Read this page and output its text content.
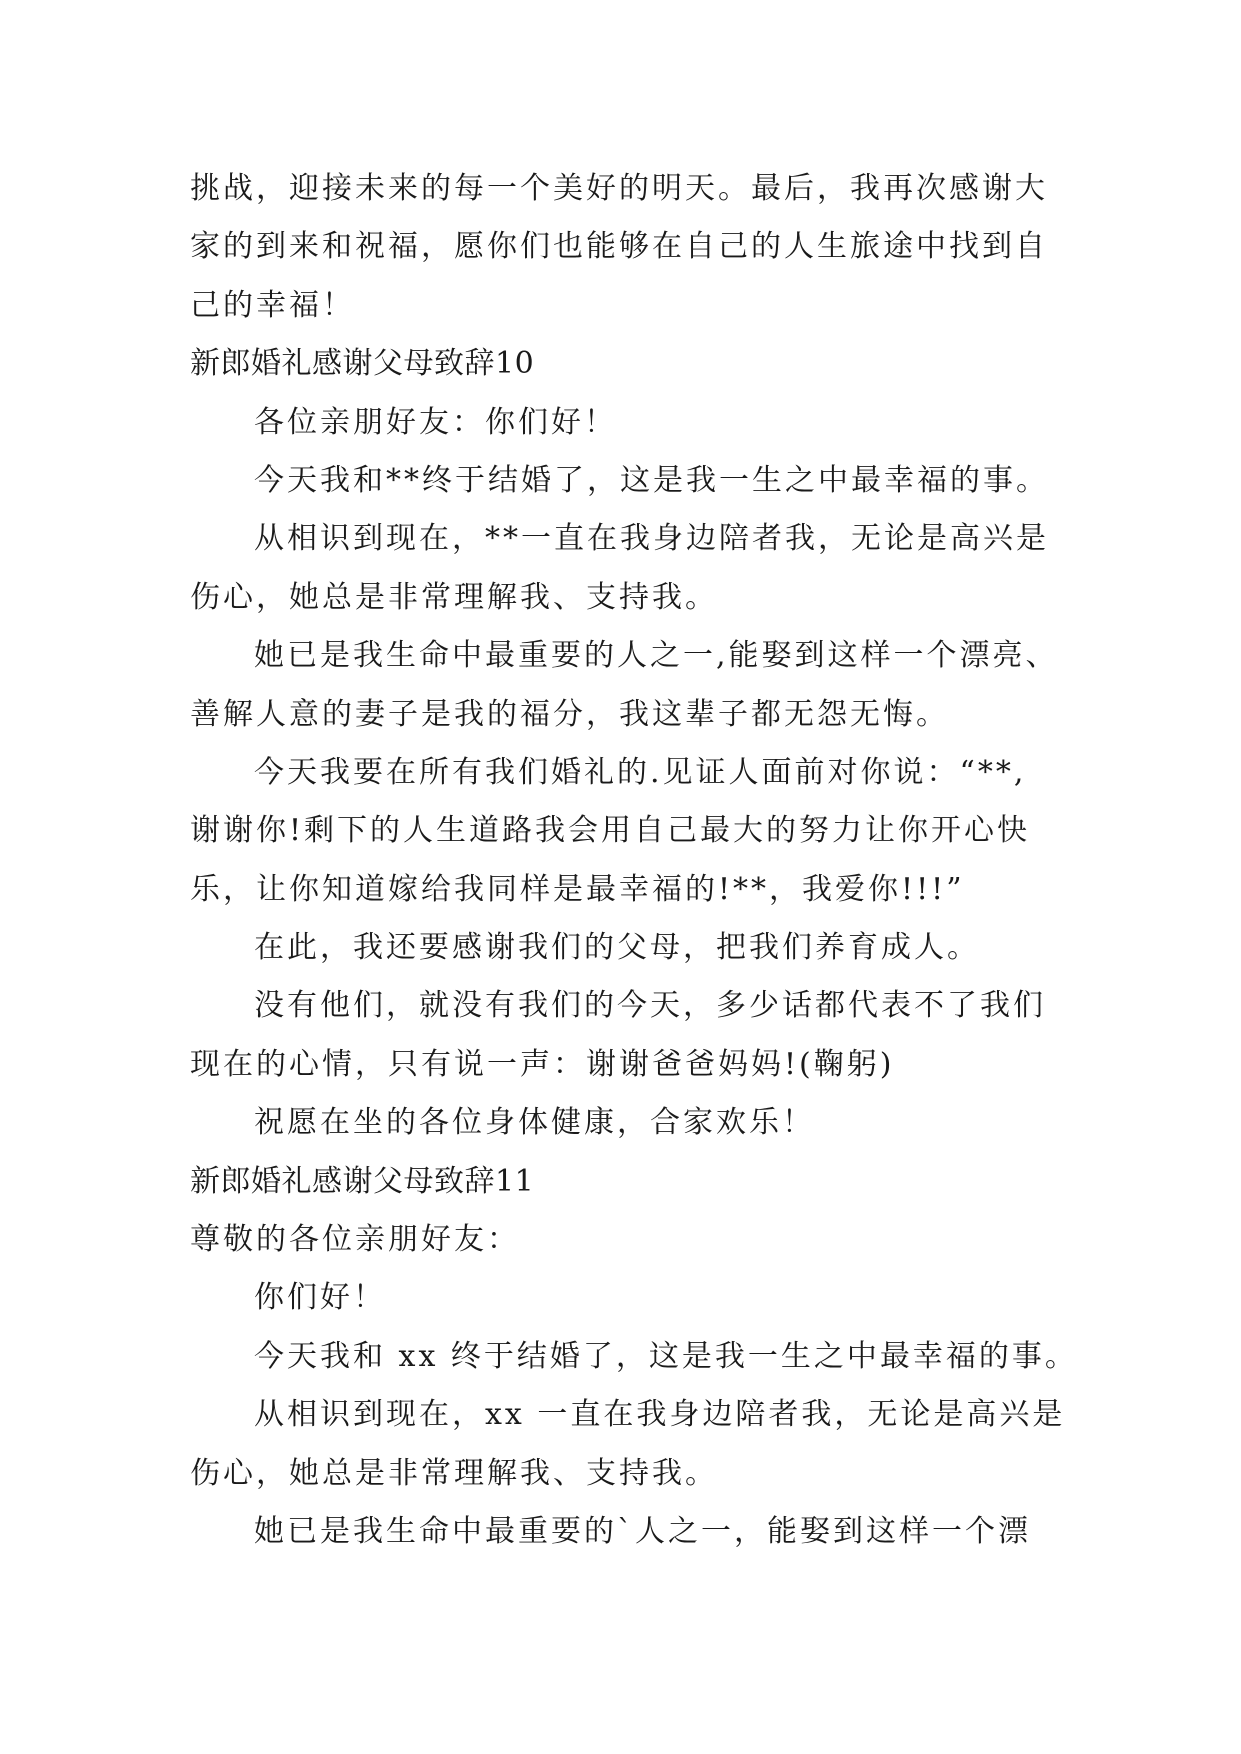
挑战，迎接未来的每一个美好的明天。最后，我再次感谢大
家的到来和祝福，愿你们也能够在自己的人生旅途中找到自
己的幸福！
新郎婚礼感谢父母致辞10
各位亲朋好友：你们好！
今天我和**终于结婚了，这是我一生之中最幸福的事。
从相识到现在，**一直在我身边陪者我，无论是高兴是
伤心，她总是非常理解我、支持我。
她已是我生命中最重要的人之一,能娶到这样一个漂亮、
善解人意的妻子是我的福分，我这辈子都无怨无悔。
今天我要在所有我们婚礼的.见证人面前对你说：“**,
谢谢你!剩下的人生道路我会用自己最大的努力让你开心快
乐，让你知道嫁给我同样是最幸福的!**，我爱你!!!”
在此，我还要感谢我们的父母，把我们养育成人。
没有他们，就没有我们的今天，多少话都代表不了我们
现在的心情，只有说一声：谢谢爸爸妈妈!(鞠躬)
祝愿在坐的各位身体健康，合家欢乐！
新郎婚礼感谢父母致辞11
尊敬的各位亲朋好友：
你们好！
今天我和 xx 终于结婚了，这是我一生之中最幸福的事。
从相识到现在，xx 一直在我身边陪者我，无论是高兴是
伤心，她总是非常理解我、支持我。
她已是我生命中最重要的`人之一，能娶到这样一个漂
